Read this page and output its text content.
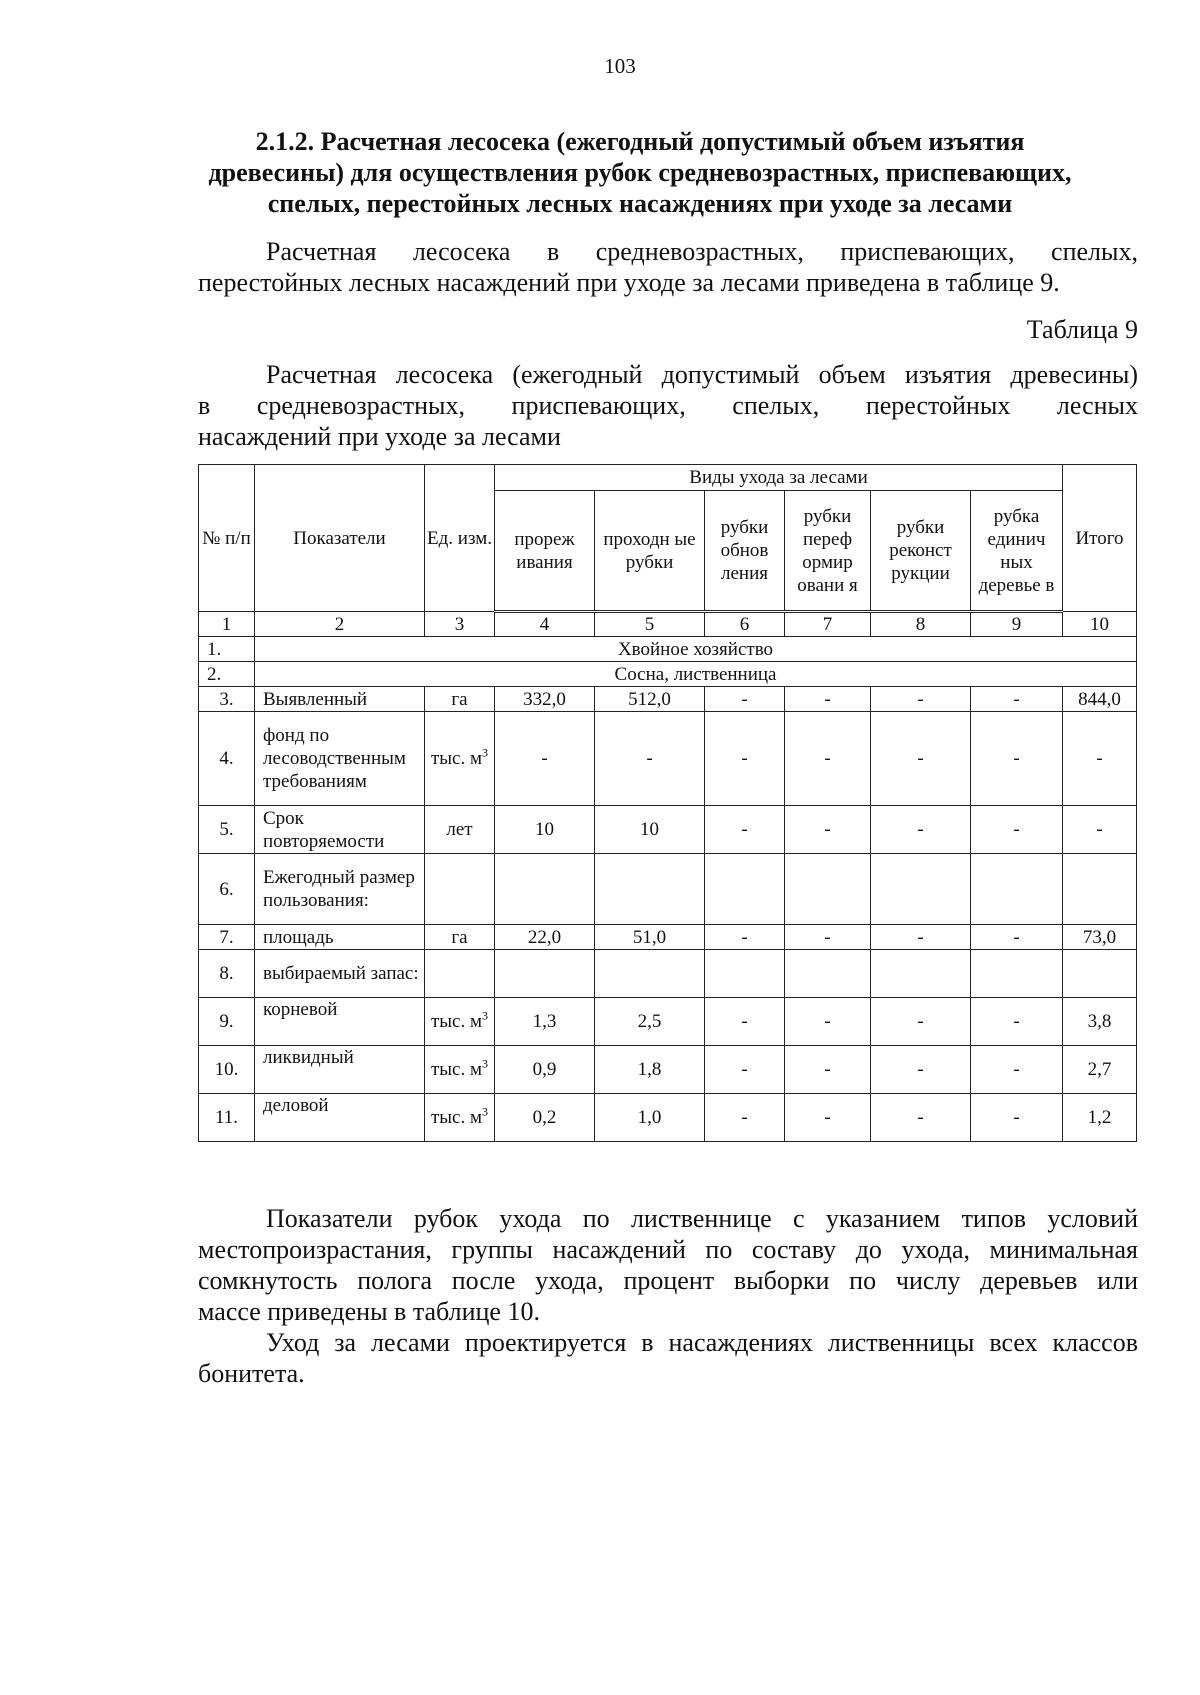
103
2.1.2. Расчетная лесосека (ежегодный допустимый объем изъятия древесины) для осуществления рубок средневозрастных, приспевающих, спелых, перестойных лесных насаждениях при уходе за лесами
Расчетная лесосека в средневозрастных, приспевающих, спелых,
перестойных лесных насаждений при уходе за лесами приведена в таблице 9.
Таблица 9
Расчетная лесосека (ежегодный допустимый объем изъятия древесины)
в средневозрастных, приспевающих, спелых, перестойных лесных
насаждений при уходе за лесами
№ п/п	Показатели	Ед. изм.	Виды ухода за лесами						Итого
			прореж ивания	проходн ые рубки	рубки обнов ления	рубки переф ормир овани я	рубки реконст рукции	рубка единич ных деревье в	
1	2	3	4	5	6	7	8	9	10
1.	Хвойное хозяйство								
2.	Сосна, лиственница								
3.	Выявленный	га	332,0	512,0	-	-	-	-	844,0
4.	фонд по лесоводственным требованиям	тыс. $м^3$	-	-	-	-	-	-	-
5.	Срок повторяемости	лет	10	10	-	-	-	-	-
6.	Ежегодный размер пользования:								
7.	площадь	га	22,0	51,0	-	-	-	-	73,0
8.	выбираемый запас:								
9.	корневой	тыс. $м^3$	1,3	2,5	-	-	-	-	3,8
10.	ликвидный	тыс. $м^3$	0,9	1,8	-	-	-	-	2,7
11.	деловой	тыс. $м^3$	0,2	1,0	-	-	-	-	1,2
Показатели рубок ухода по лиственнице с указанием типов условий
местопроизрастания, группы насаждений по составу до ухода, минимальная
сомкнутость полога после ухода, процент выборки по числу деревьев или
массе приведены в таблице 10.
Уход за лесами проектируется в насаждениях лиственницы всех классов
бонитета.
